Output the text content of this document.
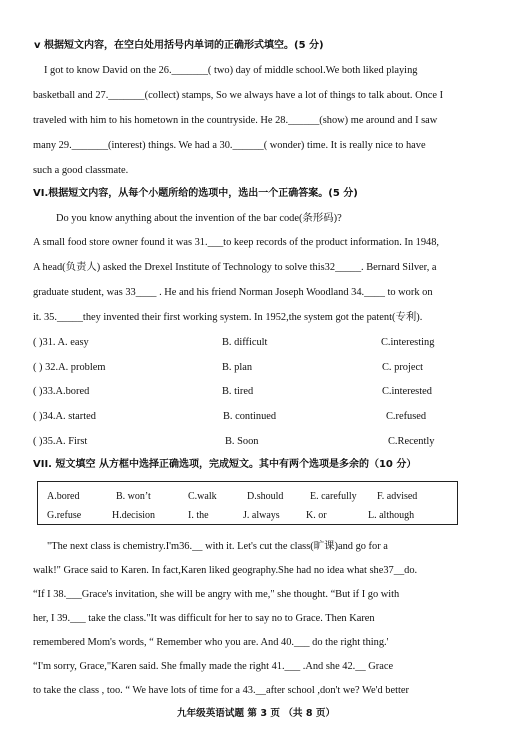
v 根据短文内容，在空白处用括号内单词的正确形式填空。(5 分)
I got to know David on the 26._______( two) day of middle school.We both liked playing
basketball and 27._______(collect) stamps, So we always have a lot of things to talk about. Once I
traveled with him to his hometown in the countryside. He 28.______(show) me around and I saw
many 29._______(interest) things. We had a 30.______( wonder) time. It is really nice to have
such a good classmate.
VI.根据短文内容，从每个小题所给的选项中，选出一个正确答案。(5 分)
Do you know anything about the invention of the bar code(条形码)?
A small food store owner found it was 31.___to keep records of the product information. In 1948,
A head(负责人) asked the Drexel Institute of Technology to solve this32_____. Bernard Silver, a
graduate student, was 33____ . He and his friend Norman Joseph Woodland 34.____ to work on
it. 35._____they invented their first working system. In 1952,the system got the patent(专利).
( )31. A. easy	B. difficult	C.interesting
( ) 32.A. problem	B. plan	C. project
( )33.A.bored	B. tired	C.interested
( )34.A. started	B. continued	C.refused
( )35.A. First	B. Soon	C.Recently
VII. 短文填空 从方框中选择正确选项，完成短文。其中有两个选项是多余的（10 分）
A.bored	B. won’t	C.walk	D.should	E. carefully F. advised
G.refuse	H.decision	I. the	J. always	K. or	L. although
"The next class is chemistry.I'm36.__ with it. Let's cut the class(旷课)and go for a
walk!" Grace said to Karen. In fact,Karen liked geography.She had no idea what she37__do.
“If I 38.___Grace's invitation, she will be angry with me," she thought. “But if I go with
her, I 39.___ take the class."It was difficult for her to say no to Grace. Then Karen
remembered Mom's words, “ Remember who you are. And 40.___ do the right thing.'
“I'm sorry, Grace,"Karen said. She fmally made the right 41.___ .And she 42.__ Grace
to take the class , too. “ We have lots of time for a 43.__after school ,don't we? We'd better
九年级英语试题 第 3 页 （共 8 页）
